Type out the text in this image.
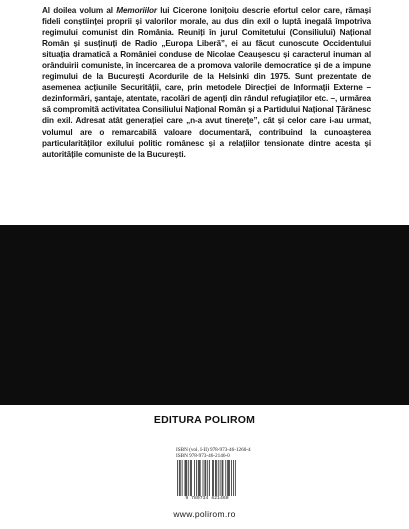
Al doilea volum al Memoriilor lui Cicerone Ionițoiu descrie efortul celor care, rămași fideli conștiinței proprii și valorilor morale, au dus din exil o luptă inegală împotriva regimului comunist din România. Reuniți în jurul Comitetului (Consiliului) Național Român și susținuți de Radio „Europa Liberă”, ei au făcut cunoscute Occidentului situația dramatică a României conduse de Nicolae Ceaușescu și caracterul inuman al orânduirii comuniste, în încercarea de a promova valorile democratice și de a impune regimului de la București Acordurile de la Helsinki din 1975. Sunt prezentate de asemenea acțiunile Securității, care, prin metodele Direcției de Informații Externe – dezinformări, șantaje, atentate, racolări de agenți din rândul refugiaților etc. –, urmărea să compromită activitatea Consiliului Național Român și a Partidului Național Țărănesc din exil. Adresat atât generației care „n-a avut tinerețe”, cât și celor care i-au urmat, volumul are o remarcabilă valoare documentară, contribuind la cunoașterea particularităților exilului politic românesc și a relațiilor tensionate dintre acesta și autoritățile comuniste de la București.

EDITURA POLIROM
ISBN (vol. I-II) 978-973-46-1260-4
ISBN 978-973-46-2146-0
9 789734 621460
www.polirom.ro
